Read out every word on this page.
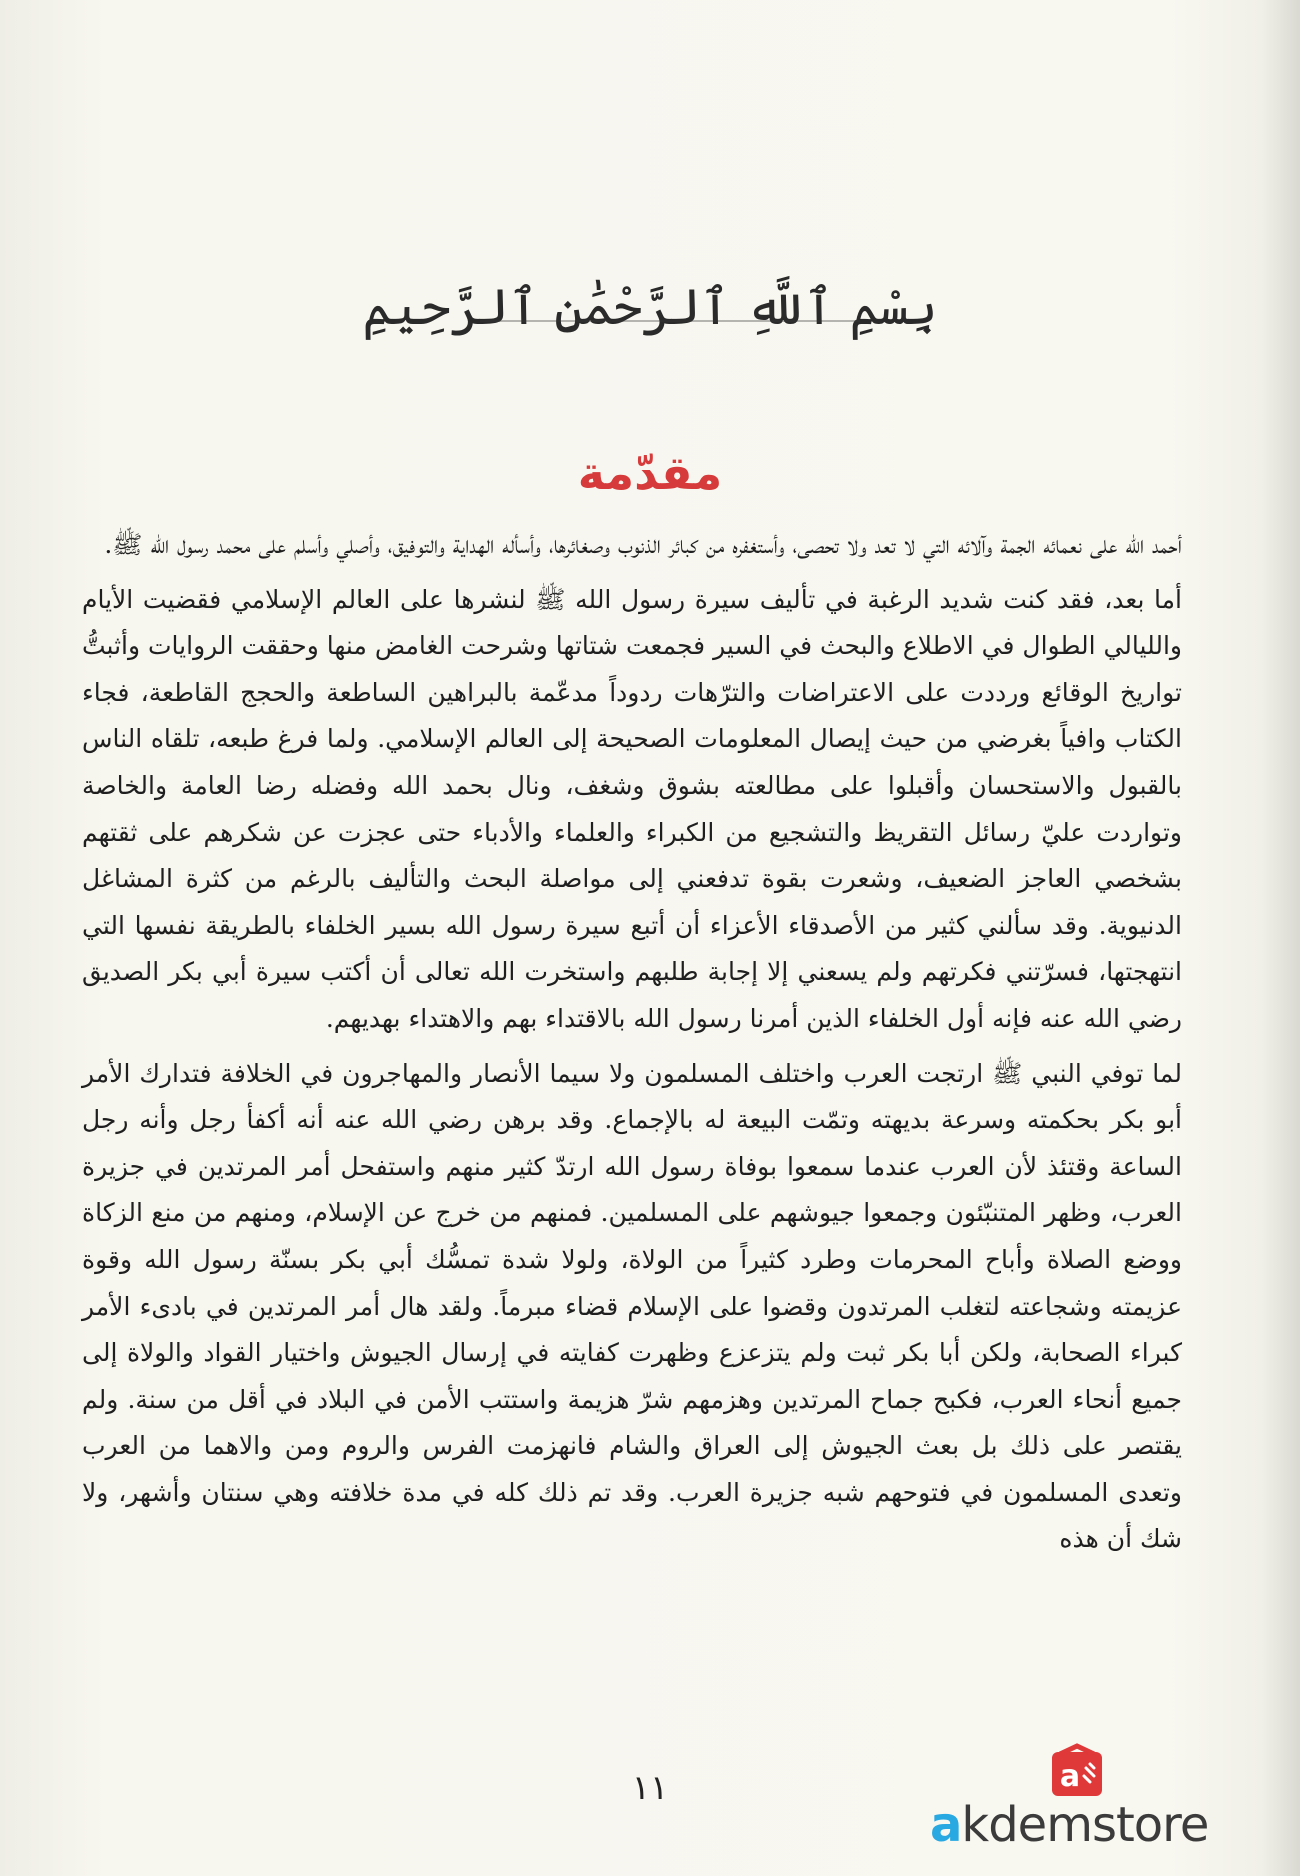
بِسْمِ ٱللَّهِ ٱلرَّحْمَٰنِ ٱلرَّحِيمِ
مقدّمة

أحمد الله على نعمائه الجمة وآلائه التي لا تعد ولا تحصى، وأستغفره من كبائر الذنوب وصغائرها، وأسأله الهداية والتوفيق، وأصلي وأسلم على محمد رسول الله ﷺ.

أما بعد، فقد كنت شديد الرغبة في تأليف سيرة رسول الله ﷺ لنشرها على العالم الإسلامي فقضيت الأيام والليالي الطوال في الاطلاع والبحث في السير فجمعت شتاتها وشرحت الغامض منها وحققت الروايات وأثبتُّ تواريخ الوقائع ورددت على الاعتراضات والترّهات ردوداً مدعّمة بالبراهين الساطعة والحجج القاطعة، فجاء الكتاب وافياً بغرضي من حيث إيصال المعلومات الصحيحة إلى العالم الإسلامي. ولما فرغ طبعه، تلقاه الناس بالقبول والاستحسان وأقبلوا على مطالعته بشوق وشغف، ونال بحمد الله وفضله رضا العامة والخاصة وتواردت عليّ رسائل التقريظ والتشجيع من الكبراء والعلماء والأدباء حتى عجزت عن شكرهم على ثقتهم بشخصي العاجز الضعيف، وشعرت بقوة تدفعني إلى مواصلة البحث والتأليف بالرغم من كثرة المشاغل الدنيوية. وقد سألني كثير من الأصدقاء الأعزاء أن أتبع سيرة رسول الله بسير الخلفاء بالطريقة نفسها التي انتهجتها، فسرّتني فكرتهم ولم يسعني إلا إجابة طلبهم واستخرت الله تعالى أن أكتب سيرة أبي بكر الصديق رضي الله عنه فإنه أول الخلفاء الذين أمرنا رسول الله بالاقتداء بهم والاهتداء بهديهم.

لما توفي النبي ﷺ ارتجت العرب واختلف المسلمون ولا سيما الأنصار والمهاجرون في الخلافة فتدارك الأمر أبو بكر بحكمته وسرعة بديهته وتمّت البيعة له بالإجماع. وقد برهن رضي الله عنه أنه أكفأ رجل وأنه رجل الساعة وقتئذ لأن العرب عندما سمعوا بوفاة رسول الله ارتدّ كثير منهم واستفحل أمر المرتدين في جزيرة العرب، وظهر المتنبّئون وجمعوا جيوشهم على المسلمين. فمنهم من خرج عن الإسلام، ومنهم من منع الزكاة ووضع الصلاة وأباح المحرمات وطرد كثيراً من الولاة، ولولا شدة تمسُّك أبي بكر بسنّة رسول الله وقوة عزيمته وشجاعته لتغلب المرتدون وقضوا على الإسلام قضاء مبرماً. ولقد هال أمر المرتدين في بادىء الأمر كبراء الصحابة، ولكن أبا بكر ثبت ولم يتزعزع وظهرت كفايته في إرسال الجيوش واختيار القواد والولاة إلى جميع أنحاء العرب، فكبح جماح المرتدين وهزمهم شرّ هزيمة واستتب الأمن في البلاد في أقل من سنة. ولم يقتصر على ذلك بل بعث الجيوش إلى العراق والشام فانهزمت الفرس والروم ومن والاهما من العرب وتعدى المسلمون في فتوحهم شبه جزيرة العرب. وقد تم ذلك كله في مدة خلافته وهي سنتان وأشهر، ولا شك أن هذه

١١	a
akdemstore
